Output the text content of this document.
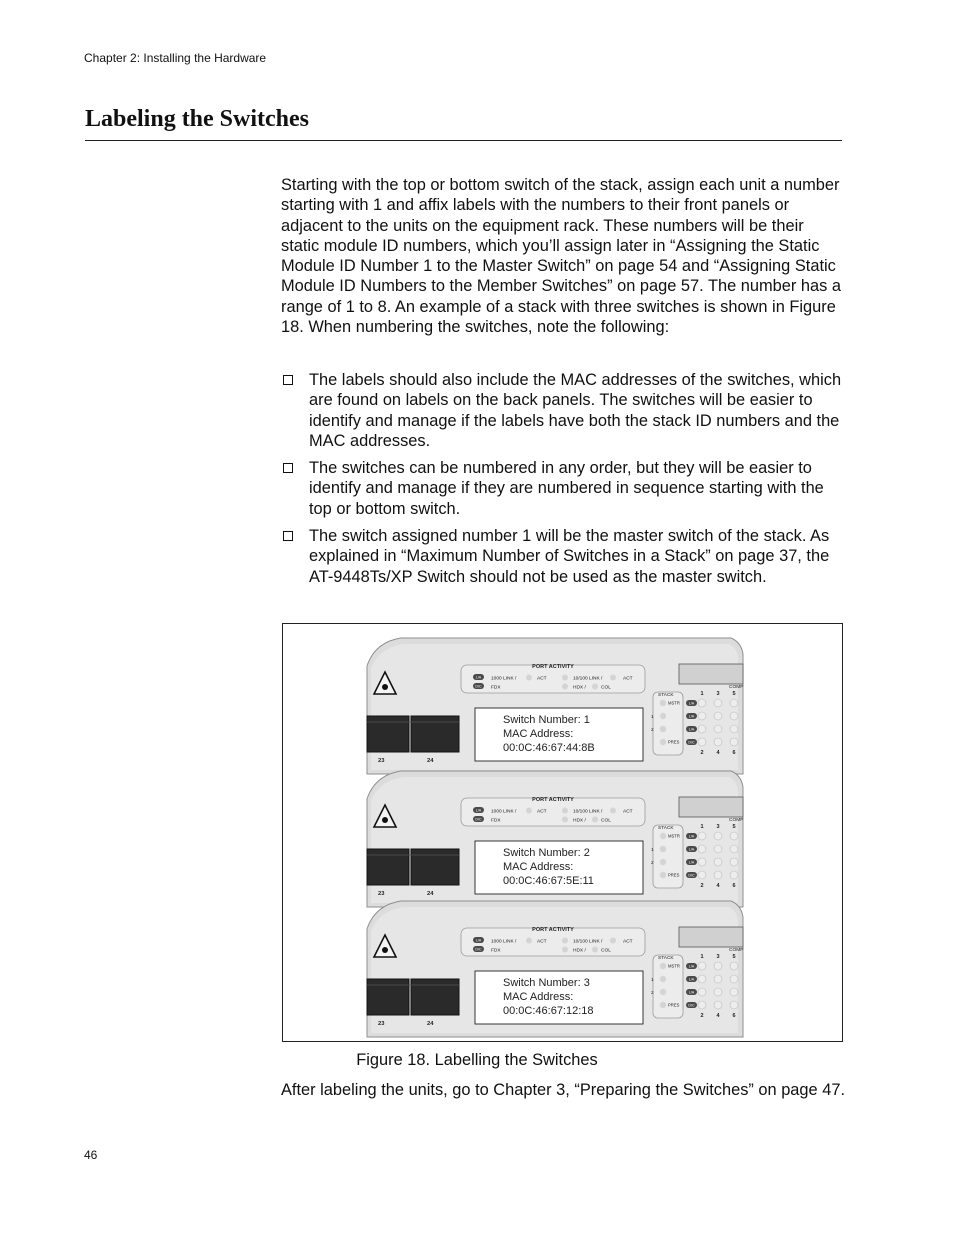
Chapter 2: Installing the Hardware
Labeling the Switches

Starting with the top or bottom switch of the stack, assign each unit a number starting with 1 and affix labels with the numbers to their front panels or adjacent to the units on the equipment rack. These numbers will be their static module ID numbers, which you’ll assign later in “Assigning the Static Module ID Number 1 to the Master Switch” on page 54 and “Assigning Static Module ID Numbers to the Member Switches” on page 57. The number has a range of 1 to 8. An example of a stack with three switches is shown in Figure 18. When numbering the switches, note the following:

The labels should also include the MAC addresses of the switches, which are found on labels on the back panels. The switches will be easier to identify and manage if the labels have both the stack ID numbers and the MAC addresses.
The switches can be numbered in any order, but they will be easier to identify and manage if they are numbered in sequence starting with the top or bottom switch.
The switch assigned number 1 will be the master switch of the stack. As explained in “Maximum Number of Switches in a Stack” on page 37, the AT-9448Ts/XP Switch should not be used as the master switch.
PORT ACTIVITY
L/A
D/C
1000 LINK /	ACT
FDX
10/100 LINK /	ACT
HDX /	COL	COMP
STACK
MSTR
PRES
1
2
L/A
L/A
L/A
D/C
1 3 5
2 4 6
23	24
Switch Number: 1
MAC Address:
00:0C:46:67:44:8B
PORT ACTIVITY
L/A
D/C
1000 LINK /	ACT
FDX
10/100 LINK /	ACT
HDX /	COL	COMP
STACK
MSTR
PRES
1
2
L/A
L/A
L/A
D/C
1 3 5
2 4 6
23	24
Switch Number: 2
MAC Address:
00:0C:46:67:5E:11
PORT ACTIVITY
L/A
D/C
1000 LINK /	ACT
FDX
10/100 LINK /	ACT
HDX /	COL	COMP
STACK
MSTR
PRES
1
2
L/A
L/A
L/A
D/C
1 3 5
2 4 6
23	24
Switch Number: 3
MAC Address:
00:0C:46:67:12:18
Figure 18. Labelling the Switches

After labeling the units, go to Chapter 3, “Preparing the Switches” on page 47.

46
